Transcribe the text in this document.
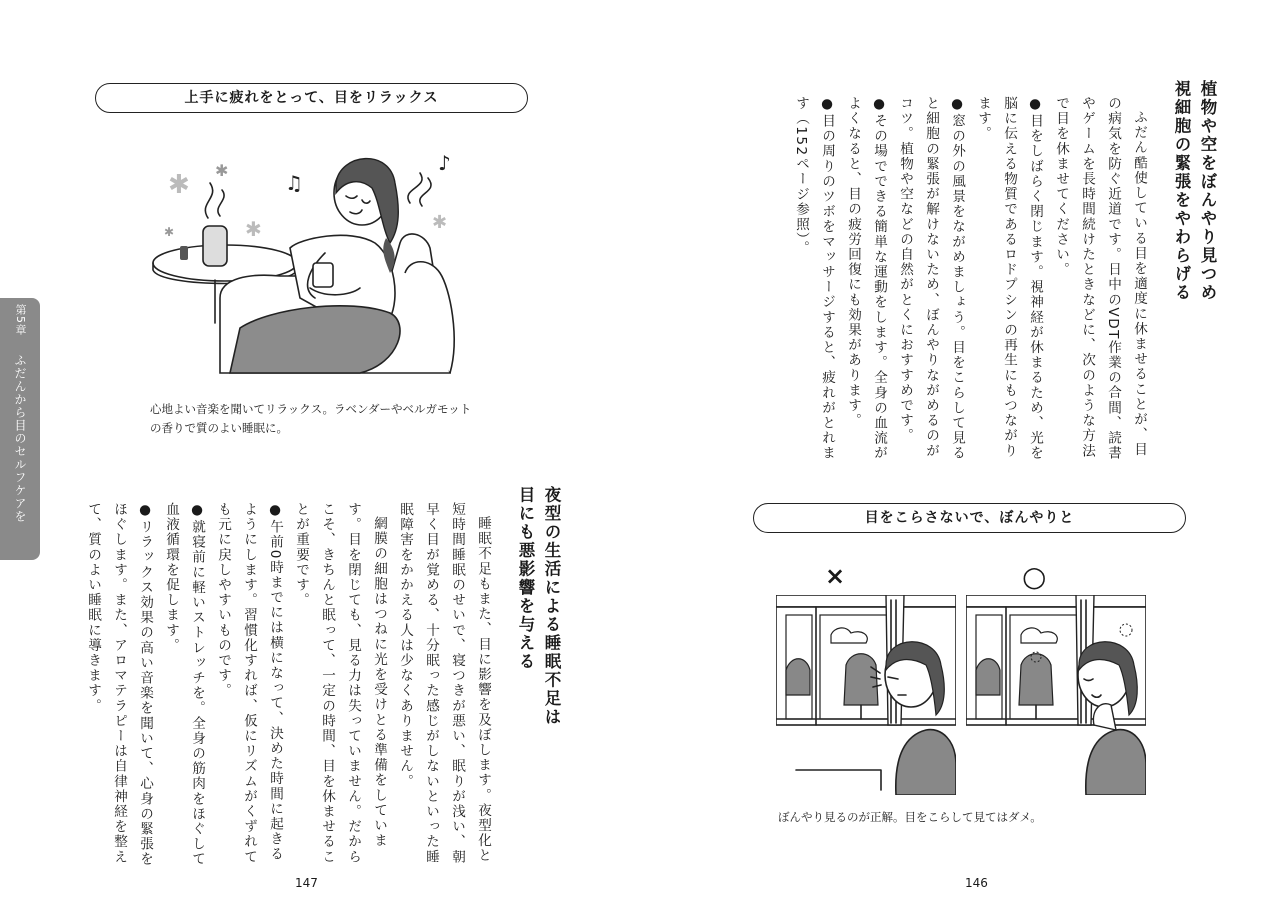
上手に疲れをとって、目をリラックス
✱ ✱
✱
✱	✱
♫
♪
心地よい音楽を聞いてリラックス。ラベンダーやベルガモット
の香りで質のよい睡眠に。
夜型の生活による睡眠不足は
目にも悪影響を与える

睡眠不足もまた、目に影響を及ぼします。夜型化と短時間睡眠のせいで、寝つきが悪い、眠りが浅い、朝早く目が覚める、十分眠った感じがしないといった睡眠障害をかかえる人は少なくありません。

網膜の細胞はつねに光を受けとる準備をしています。目を閉じても、見る力は失っていません。だからこそ、きちんと眠って、一定の時間、目を休ませることが重要です。

●午前0時までには横になって、決めた時間に起きるようにします。習慣化すれば、仮にリズムがくずれても元に戻しやすいものです。

●就寝前に軽いストレッチを。全身の筋肉をほぐして血液循環を促します。

●リラックス効果の高い音楽を聞いて、心身の緊張をほぐします。また、アロマテラピーは自律神経を整えて、質のよい睡眠に導きます。

147
第5章
ふだんから目のセルフケアを
植物や空をぼんやり見つめ
視細胞の緊張をやわらげる

ふだん酷使している目を適度に休ませることが、目の病気を防ぐ近道です。日中のVDT作業の合間、読書やゲームを長時間続けたときなどに、次のような方法で目を休ませてください。

●目をしばらく閉じます。視神経が休まるため、光を脳に伝える物質であるロドプシンの再生にもつながります。

●窓の外の風景をながめましょう。目をこらして見ると細胞の緊張が解けないため、ぼんやりながめるのがコツ。植物や空などの自然がとくにおすすめです。

●その場でできる簡単な運動をします。全身の血流がよくなると、目の疲労回復にも効果があります。

●目の周りのツボをマッサージすると、疲れがとれます（152ページ参照）。

目をこらさないで、ぼんやりと
×	○
ぼんやり見るのが正解。目をこらして見てはダメ。
146
